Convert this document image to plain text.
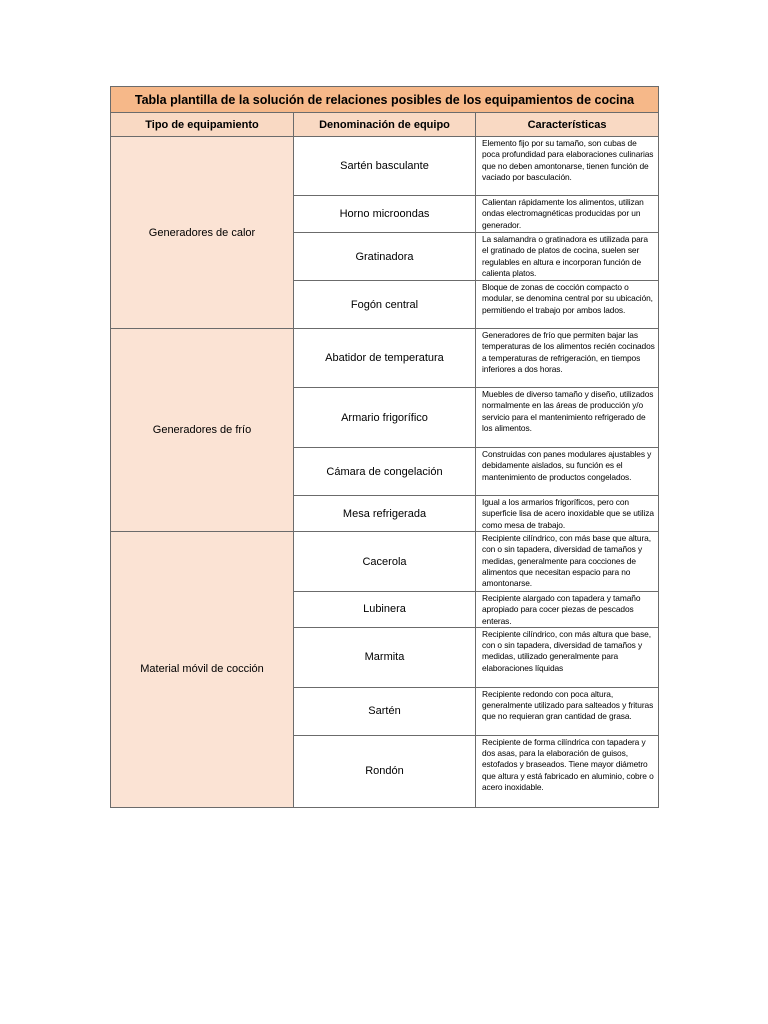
Tabla plantilla de la solución de relaciones posibles de los equipamientos de cocina		
Tipo de equipamiento	Denominación de equipo	Características
Generadores de calor	Sartén basculante	Elemento fijo por su tamaño, son cubas de poca profundidad para elaboraciones culinarias que no deben amontonarse, tienen función de vaciado por basculación.
	Horno microondas	Calientan rápidamente los alimentos, utilizan ondas electromagnéticas producidas por un generador.
	Gratinadora	La salamandra o gratinadora es utilizada para el gratinado de platos de cocina, suelen ser regulables en altura e incorporan función de calienta platos.
	Fogón central	Bloque de zonas de cocción compacto o modular, se denomina central por su ubicación, permitiendo el trabajo por ambos lados.
Generadores de frío	Abatidor de temperatura	Generadores de frío que permiten bajar las temperaturas de los alimentos recién cocinados a temperaturas de refrigeración, en tiempos inferiores a dos horas.
	Armario frigorífico	Muebles de diverso tamaño y diseño, utilizados normalmente en las áreas de producción y/o servicio para el mantenimiento refrigerado de los alimentos.
	Cámara de congelación	Construidas con panes modulares ajustables y debidamente aislados, su función es el mantenimiento de productos congelados.
	Mesa refrigerada	Igual a los armarios frigoríficos, pero con superficie lisa de acero inoxidable que se utiliza como mesa de trabajo.
Material móvil de cocción	Cacerola	Recipiente cilíndrico, con más base que altura, con o sin tapadera, diversidad de tamaños y medidas, generalmente para cocciones de alimentos que necesitan espacio para no amontonarse.
	Lubinera	Recipiente alargado con tapadera y tamaño apropiado para cocer piezas de pescados enteras.
	Marmita	Recipiente cilíndrico, con más altura que base, con o sin tapadera, diversidad de tamaños y medidas, utilizado generalmente para elaboraciones líquidas
	Sartén	Recipiente redondo con poca altura, generalmente utilizado para salteados y frituras que no requieran gran cantidad de grasa.
	Rondón	Recipiente de forma cilíndrica con tapadera y dos asas, para la elaboración de guisos, estofados y braseados. Tiene mayor diámetro que altura y está fabricado en aluminio, cobre o acero inoxidable.
